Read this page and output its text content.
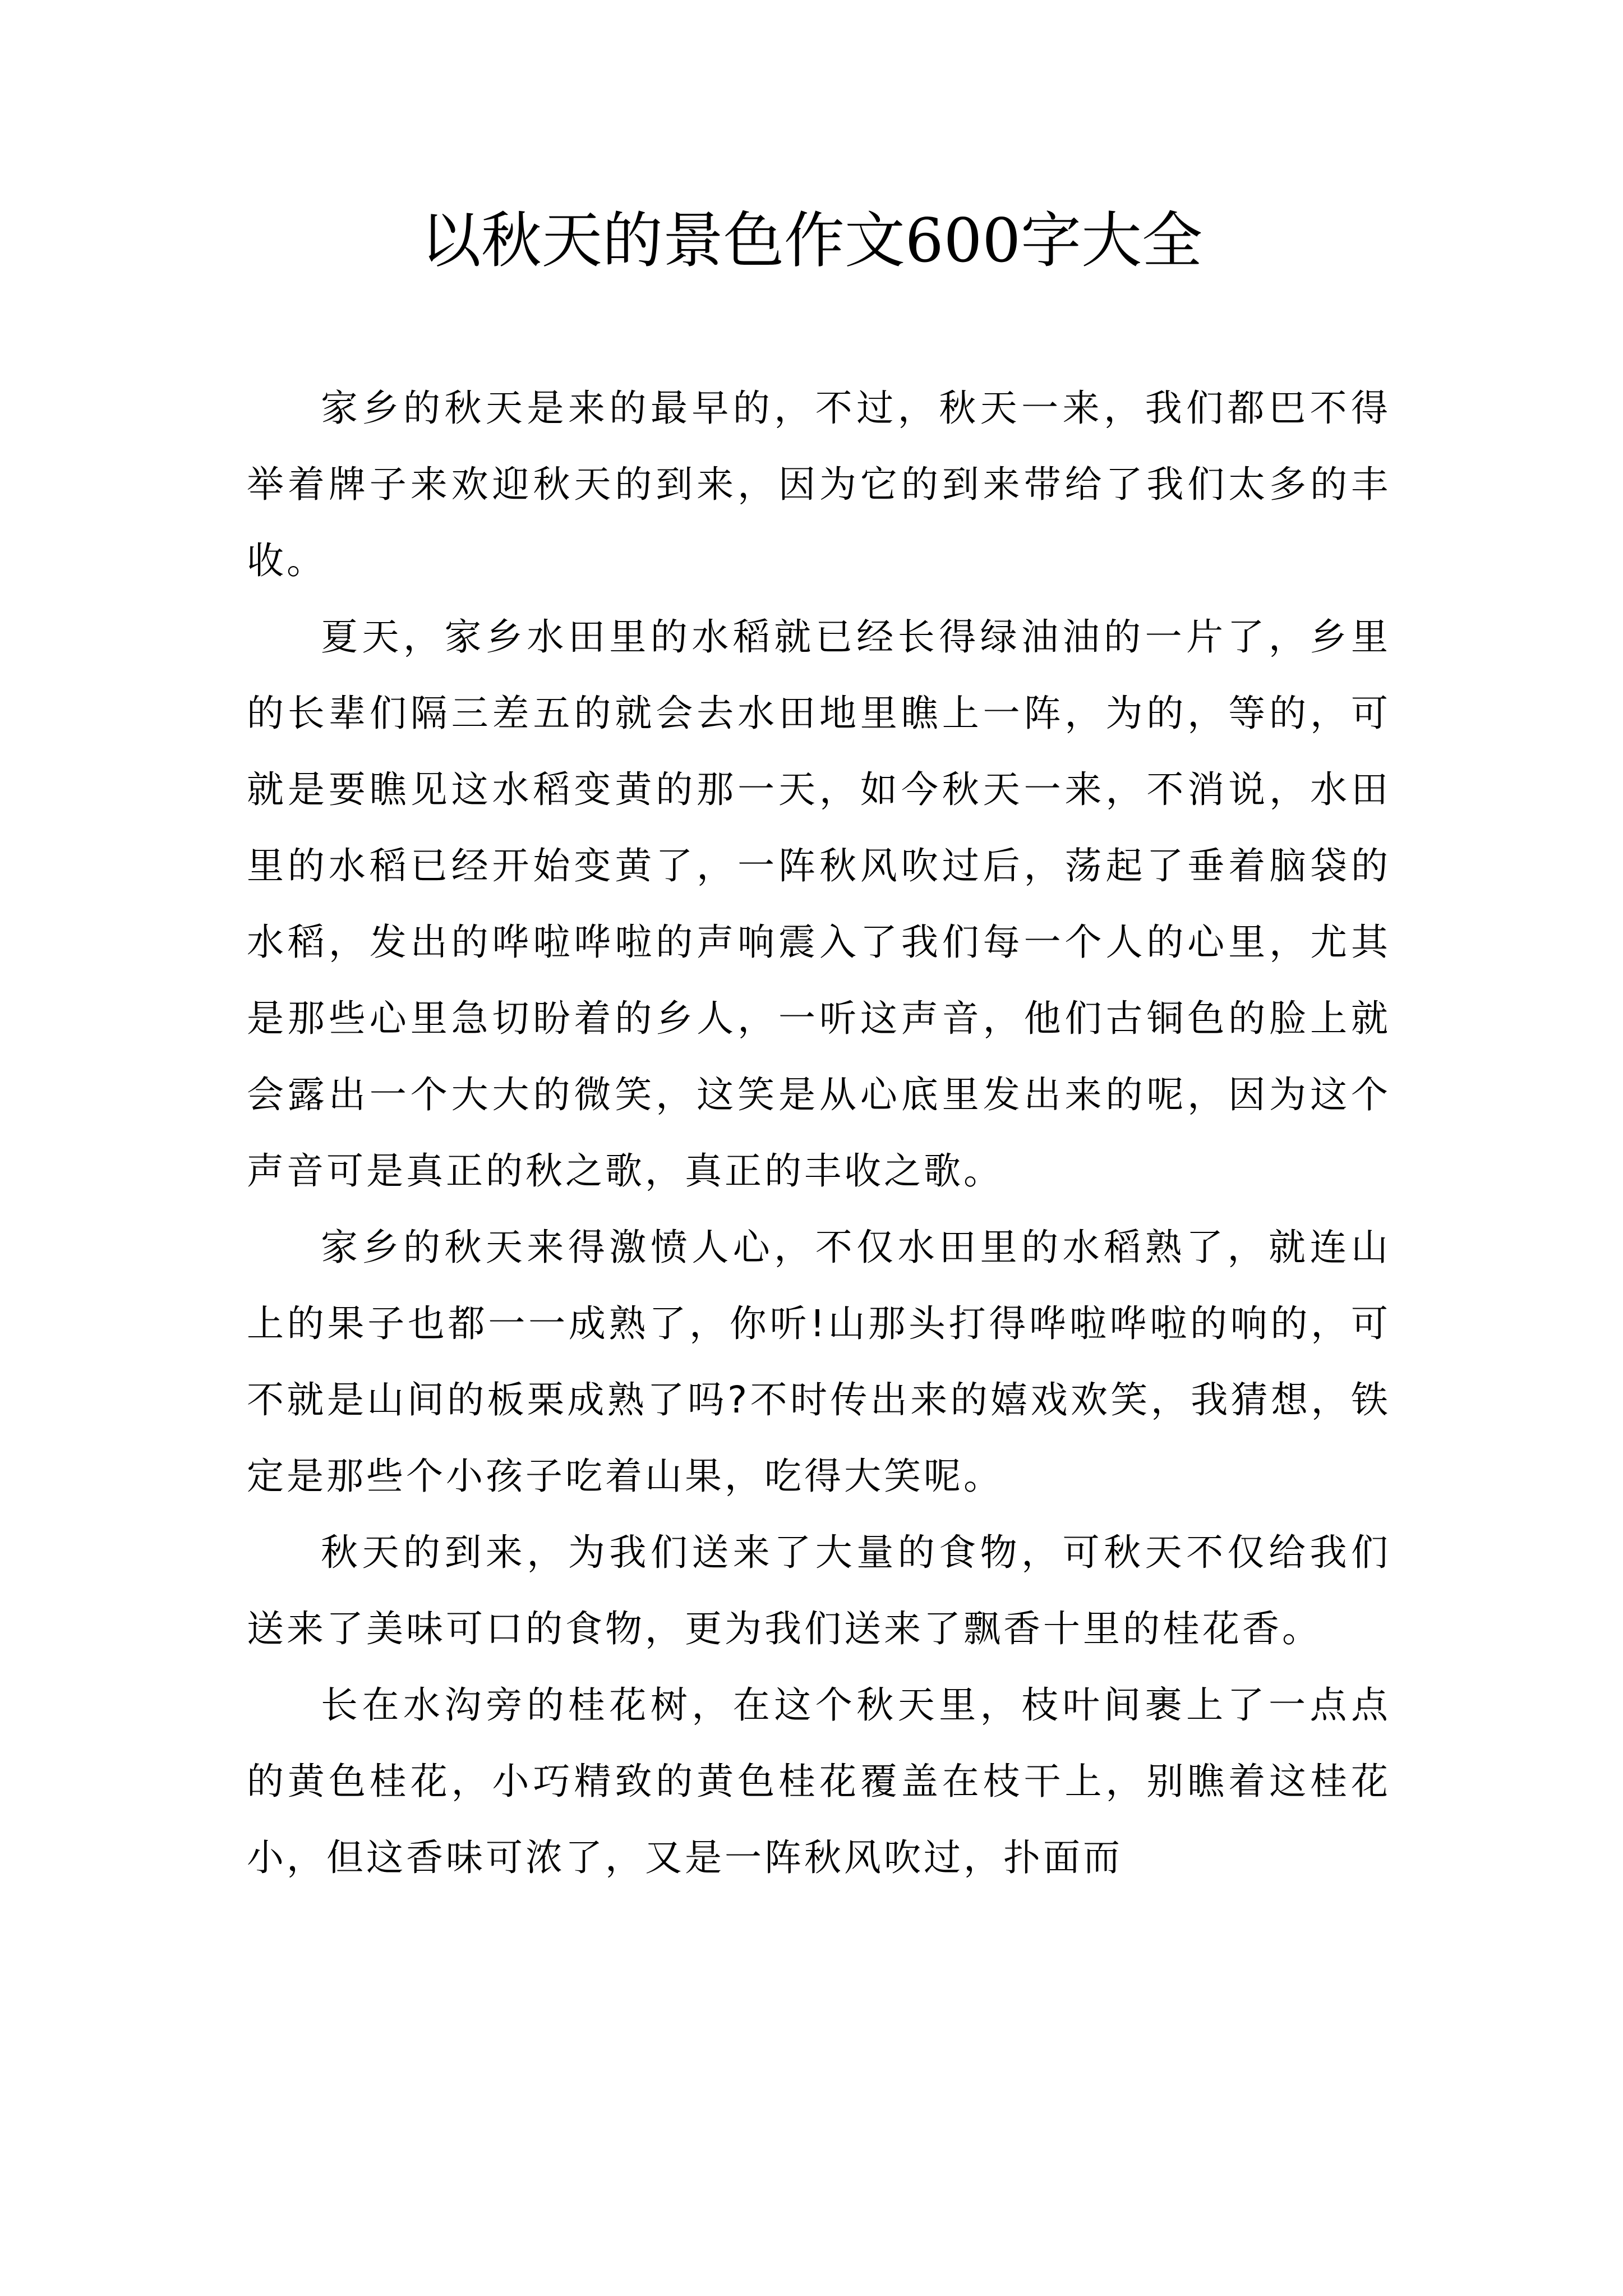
以秋天的景色作文600字大全

家乡的秋天是来的最早的，不过，秋天一来，我们都巴不得举着牌子来欢迎秋天的到来，因为它的到来带给了我们太多的丰收。

夏天，家乡水田里的水稻就已经长得绿油油的一片了，乡里的长辈们隔三差五的就会去水田地里瞧上一阵，为的，等的，可就是要瞧见这水稻变黄的那一天，如今秋天一来，不消说，水田里的水稻已经开始变黄了，一阵秋风吹过后，荡起了垂着脑袋的水稻，发出的哗啦哗啦的声响震入了我们每一个人的心里，尤其是那些心里急切盼着的乡人，一听这声音，他们古铜色的脸上就会露出一个大大的微笑，这笑是从心底里发出来的呢，因为这个声音可是真正的秋之歌，真正的丰收之歌。

家乡的秋天来得激愤人心，不仅水田里的水稻熟了，就连山上的果子也都一一成熟了，你听!山那头打得哗啦哗啦的响的，可不就是山间的板栗成熟了吗?不时传出来的嬉戏欢笑，我猜想，铁定是那些个小孩子吃着山果，吃得大笑呢。

秋天的到来，为我们送来了大量的食物，可秋天不仅给我们送来了美味可口的食物，更为我们送来了飘香十里的桂花香。

长在水沟旁的桂花树，在这个秋天里，枝叶间裹上了一点点的黄色桂花，小巧精致的黄色桂花覆盖在枝干上，别瞧着这桂花小，但这香味可浓了，又是一阵秋风吹过，扑面而
